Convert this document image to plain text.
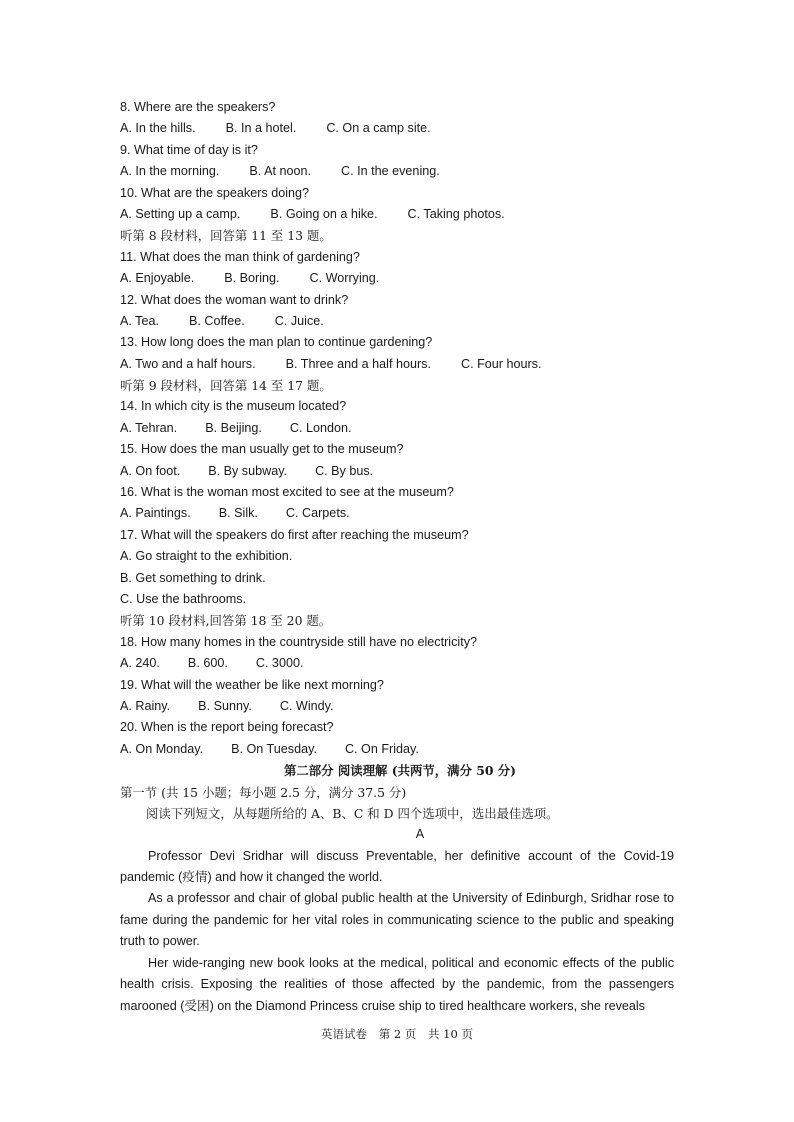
8. Where are the speakers?
A. In the hills. B. In a hotel. C. On a camp site.
9. What time of day is it?
A. In the morning. B. At noon. C. In the evening.
10. What are the speakers doing?
A. Setting up a camp. B. Going on a hike. C. Taking photos.
听第 8 段材料，回答第 11 至 13 题。
11. What does the man think of gardening?
A. Enjoyable. B. Boring. C. Worrying.
12. What does the woman want to drink?
A. Tea. B. Coffee. C. Juice.
13. How long does the man plan to continue gardening?
A. Two and a half hours. B. Three and a half hours. C. Four hours.
听第 9 段材料，回答第 14 至 17 题。
14. In which city is the museum located?
A. Tehran. B. Beijing. C. London.
15. How does the man usually get to the museum?
A. On foot. B. By subway. C. By bus.
16. What is the woman most excited to see at the museum?
A. Paintings. B. Silk. C. Carpets.
17. What will the speakers do first after reaching the museum?
A. Go straight to the exhibition.
B. Get something to drink.
C. Use the bathrooms.
听第 10 段材料,回答第 18 至 20 题。
18. How many homes in the countryside still have no electricity?
A. 240. B. 600. C. 3000.
19. What will the weather be like next morning?
A. Rainy. B. Sunny. C. Windy.
20. When is the report being forecast?
A. On Monday. B. On Tuesday. C. On Friday.
第二部分 阅读理解 (共两节，满分 50 分)
第一节 (共 15 小题；每小题 2.5 分，满分 37.5 分)
阅读下列短文，从每题所给的 A、B、C 和 D 四个选项中，选出最佳选项。
A
Professor Devi Sridhar will discuss Preventable, her definitive account of the Covid-19 pandemic (疫情) and how it changed the world.
As a professor and chair of global public health at the University of Edinburgh, Sridhar rose to fame during the pandemic for her vital roles in communicating science to the public and speaking truth to power.
Her wide-ranging new book looks at the medical, political and economic effects of the public health crisis. Exposing the realities of those affected by the pandemic, from the passengers marooned (受困) on the Diamond Princess cruise ship to tired healthcare workers, she reveals
英语试卷 第 2 页 共 10 页
